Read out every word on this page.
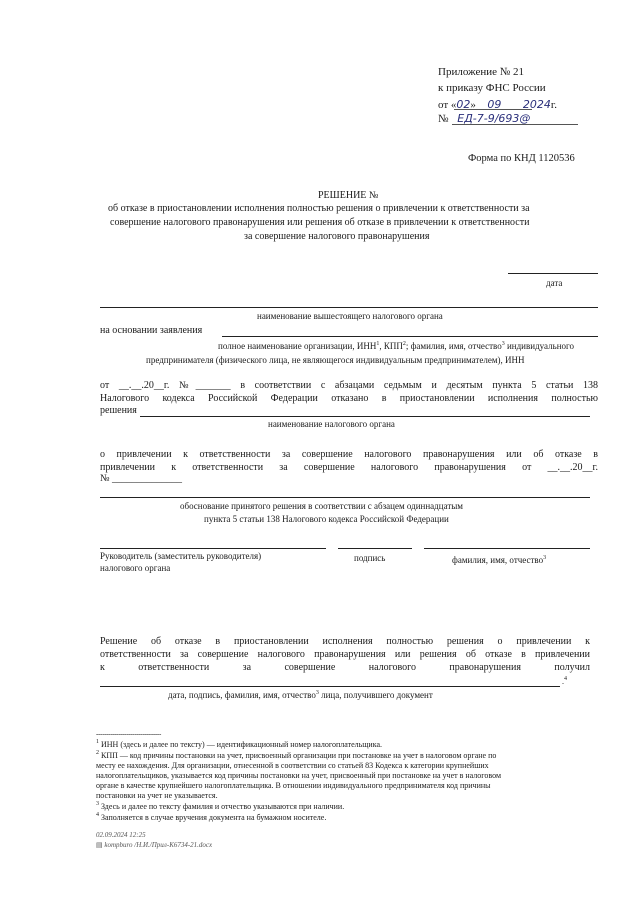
Приложение № 21
к приказу ФНС России
от «02» 09 2024г.
№ ЕД-7-9/693@
Форма по КНД 1120536
РЕШЕНИЕ №
об отказе в приостановлении исполнения полностью решения о привлечении к ответственности за
совершение налогового правонарушения или решения об отказе в привлечении к ответственности
за совершение налогового правонарушения
дата
наименование вышестоящего налогового органа
на основании заявления
полное наименование организации, ИНН$^1$, КПП$^2$; фамилия, имя, отчество$^3$ индивидуального
предпринимателя (физического лица, не являющегося индивидуальным предпринимателем), ИНН
от __.__.20__г. №_______ в соответствии с абзацами седьмым и десятым пункта 5 статьи 138
Налогового кодекса Российской Федерации отказано в приостановлении исполнения полностью
решения
наименование налогового органа
о привлечении к ответственности за совершение налогового правонарушения или об отказе в
привлечении к ответственности за совершение налогового правонарушения от __.__.20__г.
№ ______________
обоснование принятого решения в соответствии с абзацем одиннадцатым
пункта 5 статьи 138 Налогового кодекса Российской Федерации
Руководитель (заместитель руководителя)
налогового органа
подпись	фамилия, имя, отчество$^3$
Решение об отказе в приостановлении исполнения полностью решения о привлечении к
ответственности за совершение налогового правонарушения или решения об отказе в привлечении
к ответственности за совершение налогового правонарушения получил
.$^4$
дата, подпись, фамилия, имя, отчество$^3$ лица, получившего документ
--------------------------------
$^1$ ИНН (здесь и далее по тексту) — идентификационный номер налогоплательщика.
$^2$ КПП — код причины постановки на учет, присвоенный организации при постановке на учет в налоговом органе по
месту ее нахождения. Для организации, отнесенной в соответствии со статьей 83 Кодекса к категории крупнейших
налогоплательщиков, указывается код причины постановки на учет, присвоенный при постановке на учет в налоговом
органе в качестве крупнейшего налогоплательщика. В отношении индивидуального предпринимателя код причины
постановки на учет не указывается.
$^3$ Здесь и далее по тексту фамилия и отчество указываются при наличии.
$^4$ Заполняется в случае вручения документа на бумажном носителе.
02.09.2024 12:25
▤ kompburo /Н.И./Прил-К6734-21.docx
